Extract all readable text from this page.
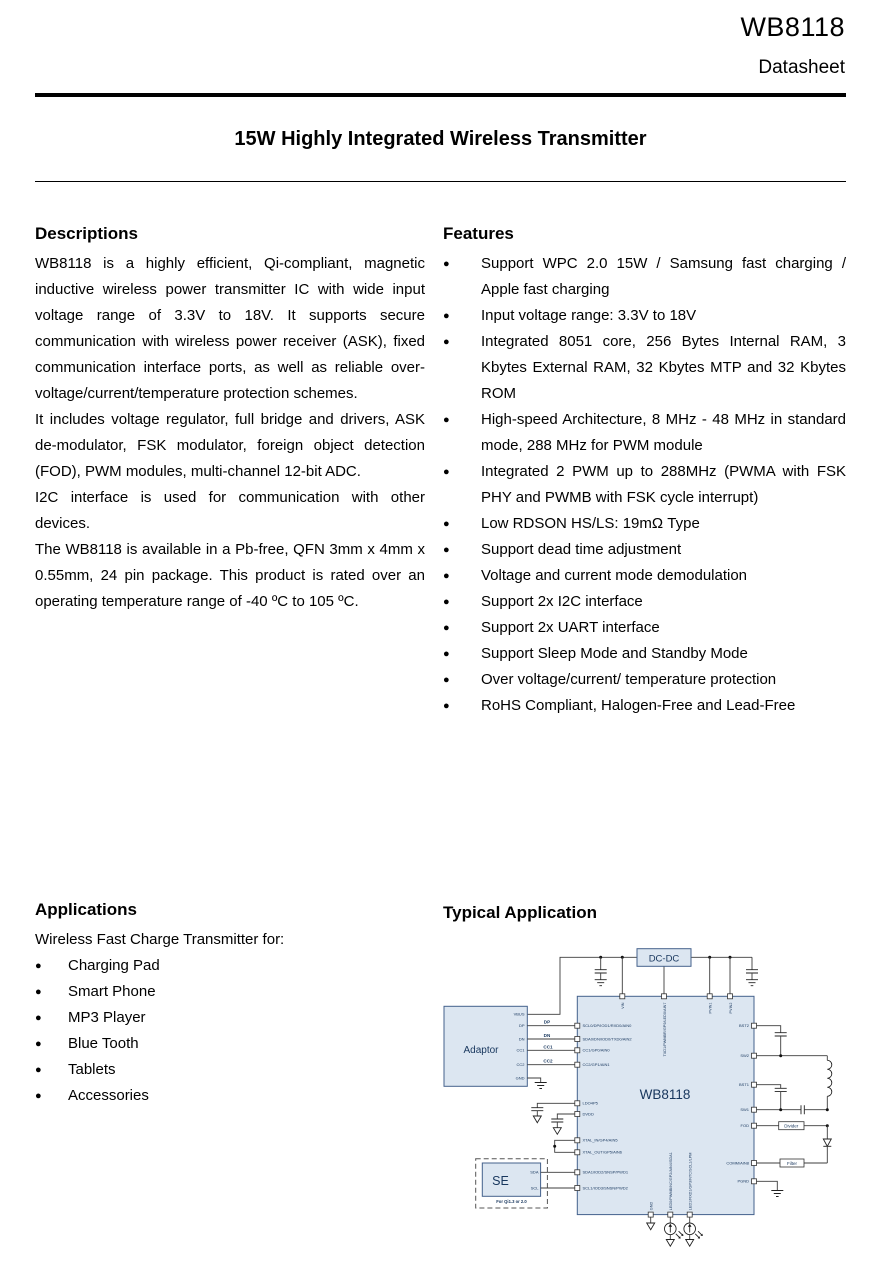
WB8118
Datasheet
15W Highly Integrated Wireless Transmitter
Descriptions
WB8118 is a highly efficient, Qi-compliant, magnetic inductive wireless power transmitter IC with wide input voltage range of 3.3V to 18V. It supports secure communication with wireless power receiver (ASK), fixed communication interface ports, as well as reliable over-voltage/current/temperature protection schemes.
It includes voltage regulator, full bridge and drivers, ASK de-modulator, FSK modulator, foreign object detection (FOD), PWM modules, multi-channel 12-bit ADC.
I2C interface is used for communication with other devices.
The WB8118 is available in a Pb-free, QFN 3mm x 4mm x 0.55mm, 24 pin package. This product is rated over an operating temperature range of -40 ºC to 105 ºC.
Features
●	Support WPC 2.0 15W / Samsung fast charging / Apple fast charging
●	Input voltage range: 3.3V to 18V
●	Integrated 8051 core, 256 Bytes Internal RAM, 3 Kbytes External RAM, 32 Kbytes MTP and 32 Kbytes ROM
●	High-speed Architecture, 8 MHz - 48 MHz in standard mode, 288 MHz for PWM module
●	Integrated 2 PWM up to 288MHz (PWMA with FSK PHY and PWMB with FSK cycle interrupt)
●	Low RDSON HS/LS: 19mΩ Type
●	Support dead time adjustment
●	Voltage and current mode demodulation
●	Support 2x I2C interface
●	Support 2x UART interface
●	Support Sleep Mode and Standby Mode
●	Over voltage/current/ temperature protection
●	RoHS Compliant, Halogen-Free and Lead-Free
Applications
Wireless Fast Charge Transmitter for:
●	Charging Pad
●	Smart Phone
●	MP3 Player
●	Blue Tooth
●	Tablets
●	Accessories
Typical Application
DC-DC
Adaptor
VBUS
DP
DN
CC1
CC2
GND
DP
DN
CC1
CC2
WB8118
SCL0/DP/IOD1/RXD0/AIN0
SDA0/DN/IOD0/TXD0/AIN2
CC1/GP0/AIN0
CC2/GP1/AIN1
LDO4P5
DVDD
XTAL_IN/GP4/AIN5
XTAL_OUT/GP5/AIN6
SDA1/IOD2/SNSP/PWD1
SCL1/IOD3/SNSN/PWD2
BST2
SW2
BST1
SW1
FOD
COMM/AIN8
PGND
VIN	TXD1/PWMBR/GP9/LED0/AIN7	PVIN1	PVIN2
GND	LED0/PWMB/NC/GP2/AIN4/SDA1	LED1/RXD1/GP3/NTC/SCL1/LPM
SE
SDA
SCL
For Qi1.3 or 2.0
Divider
Filter
